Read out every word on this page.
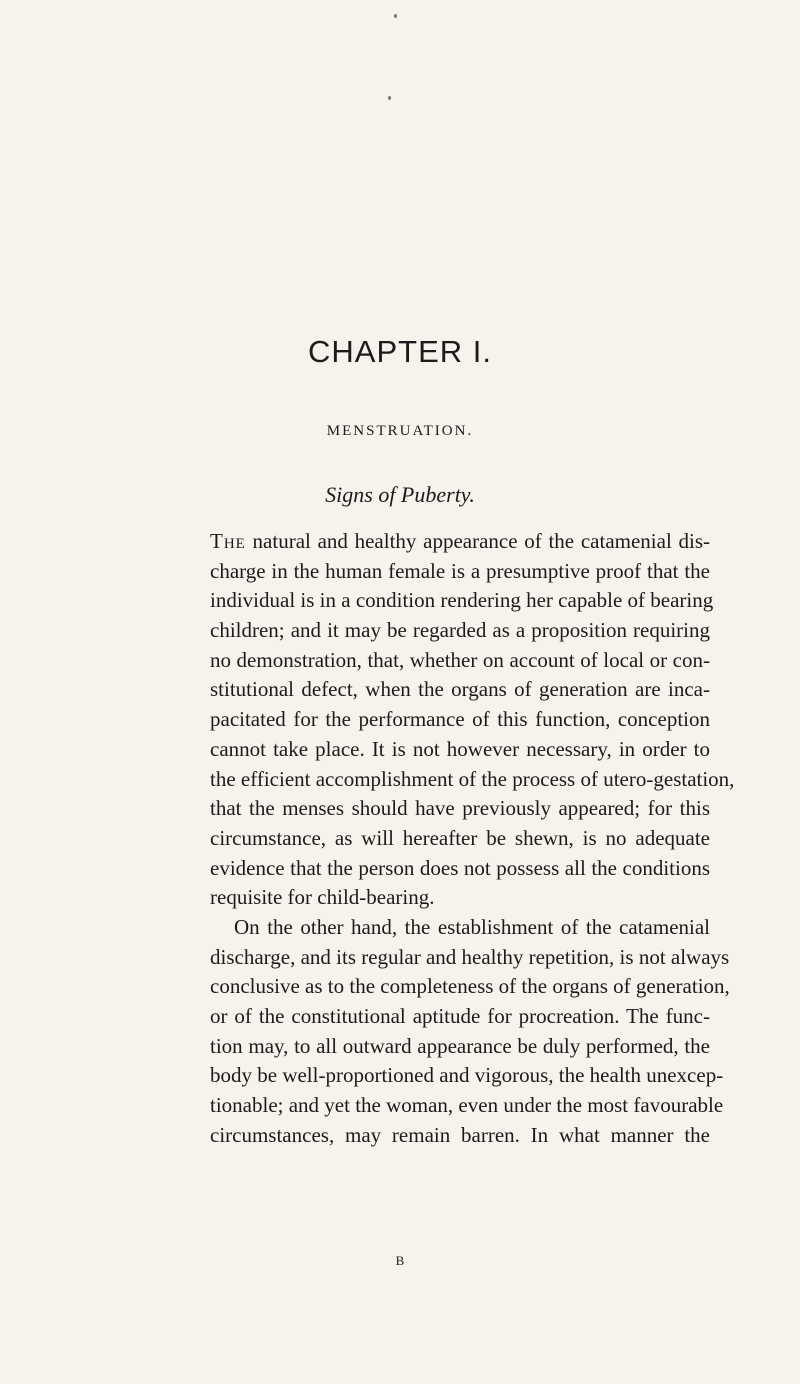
CHAPTER I.
MENSTRUATION.
Signs of Puberty.
The natural and healthy appearance of the catamenial dis-
charge in the human female is a presumptive proof that the
individual is in a condition rendering her capable of bearing
children; and it may be regarded as a proposition requiring
no demonstration, that, whether on account of local or con-
stitutional defect, when the organs of generation are inca-
pacitated for the performance of this function, conception
cannot take place. It is not however necessary, in order to
the efficient accomplishment of the process of utero-gestation,
that the menses should have previously appeared; for this
circumstance, as will hereafter be shewn, is no adequate
evidence that the person does not possess all the conditions
requisite for child-bearing.
On the other hand, the establishment of the catamenial
discharge, and its regular and healthy repetition, is not always
conclusive as to the completeness of the organs of generation,
or of the constitutional aptitude for procreation. The func-
tion may, to all outward appearance be duly performed, the
body be well-proportioned and vigorous, the health unexcep-
tionable; and yet the woman, even under the most favourable
circumstances, may remain barren. In what manner the
B
